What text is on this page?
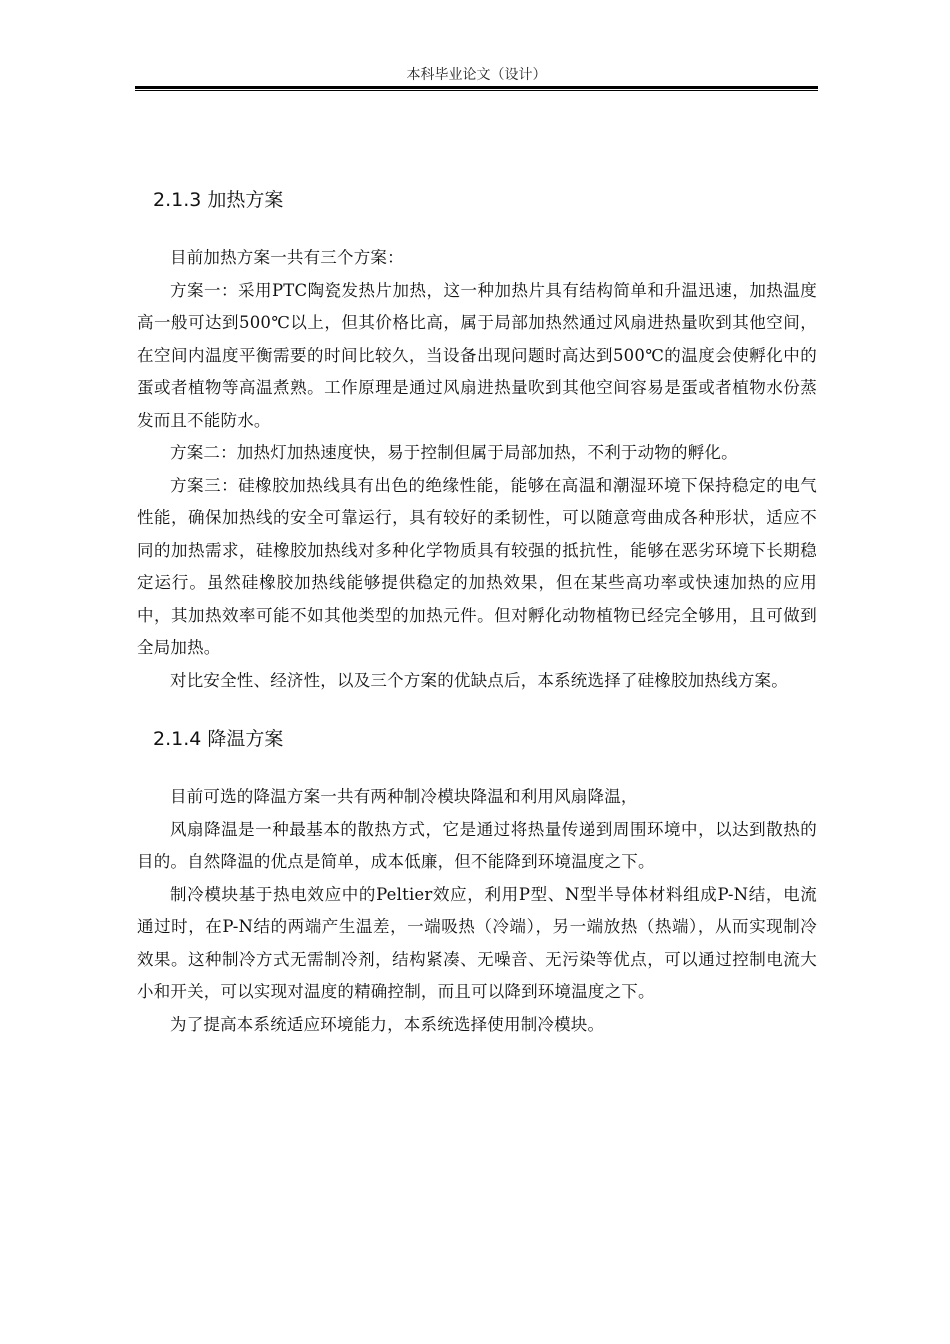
本科毕业论文（设计）
2.1.3 加热方案

目前加热方案一共有三个方案：

方案一：采用PTC陶瓷发热片加热，这一种加热片具有结构简单和升温迅速，加热温度高一般可达到500℃以上，但其价格比高，属于局部加热然通过风扇进热量吹到其他空间，在空间内温度平衡需要的时间比较久，当设备出现问题时高达到500℃的温度会使孵化中的蛋或者植物等高温煮熟。工作原理是通过风扇进热量吹到其他空间容易是蛋或者植物水份蒸发而且不能防水。

方案二：加热灯加热速度快，易于控制但属于局部加热，不利于动物的孵化。

方案三：硅橡胶加热线具有出色的绝缘性能，能够在高温和潮湿环境下保持稳定的电气性能，确保加热线的安全可靠运行，具有较好的柔韧性，可以随意弯曲成各种形状，适应不同的加热需求，硅橡胶加热线对多种化学物质具有较强的抵抗性，能够在恶劣环境下长期稳定运行。虽然硅橡胶加热线能够提供稳定的加热效果，但在某些高功率或快速加热的应用中，其加热效率可能不如其他类型的加热元件。但对孵化动物植物已经完全够用，且可做到全局加热。

对比安全性、经济性，以及三个方案的优缺点后，本系统选择了硅橡胶加热线方案。

2.1.4 降温方案

目前可选的降温方案一共有两种制冷模块降温和利用风扇降温，

风扇降温是一种最基本的散热方式，它是通过将热量传递到周围环境中，以达到散热的目的。自然降温的优点是简单，成本低廉，但不能降到环境温度之下。

制冷模块基于热电效应中的Peltier效应，利用P型、N型半导体材料组成P-N结，电流通过时，在P-N结的两端产生温差，一端吸热（冷端），另一端放热（热端），从而实现制冷效果。这种制冷方式无需制冷剂，结构紧凑、无噪音、无污染等优点，可以通过控制电流大小和开关，可以实现对温度的精确控制，而且可以降到环境温度之下。

为了提高本系统适应环境能力，本系统选择使用制冷模块。
